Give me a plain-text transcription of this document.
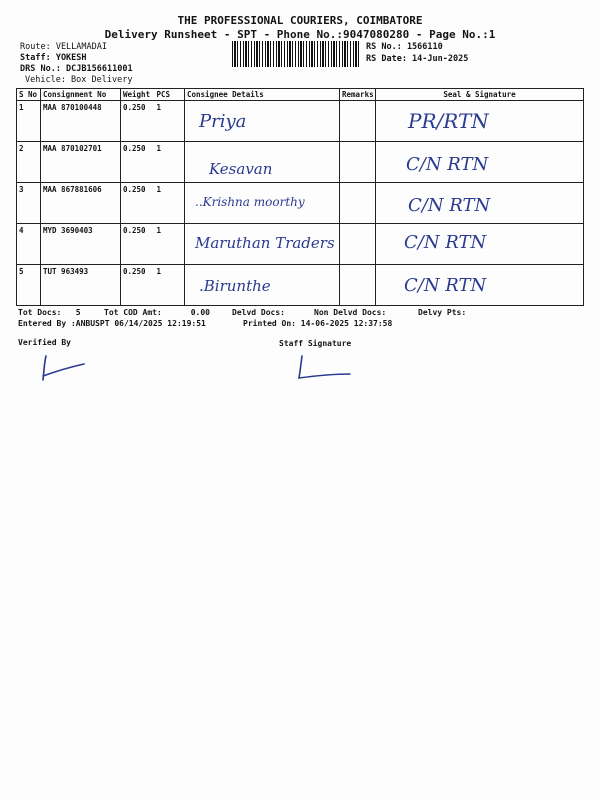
THE PROFESSIONAL COURIERS, COIMBATORE
Delivery Runsheet - SPT - Phone No.:9047080280 - Page No.:1
Route: VELLAMADAI
Staff: YOKESH
DRS No.: DCJB156611001
Vehicle: Box Delivery
RS No.: 1566110
RS Date: 14-Jun-2025
S No	Consignment No	Weight	PCS	Consignee Details	Remarks	Seal & Signature
1	MAA 870100448	0.250	1	Priya		PR/RTN

2	MAA 870102701	0.250	1	Kesavan		C/N RTN

3	MAA 867881606	0.250	1	..Krishna moorthy		C/N RTN

4	MYD 3690403	0.250	1	Maruthan Traders		C/N RTN

5	TUT 963493	0.250	1	.Birunthe		C/N RTN
Tot Docs:   5	Tot COD Amt:      0.00	Delvd Docs:	Non Delvd Docs:	Delvy Pts:
Entered By :ANBUSPT 06/14/2025 12:19:51	Printed On: 14-06-2025 12:37:58
Verified By	Staff Signature
